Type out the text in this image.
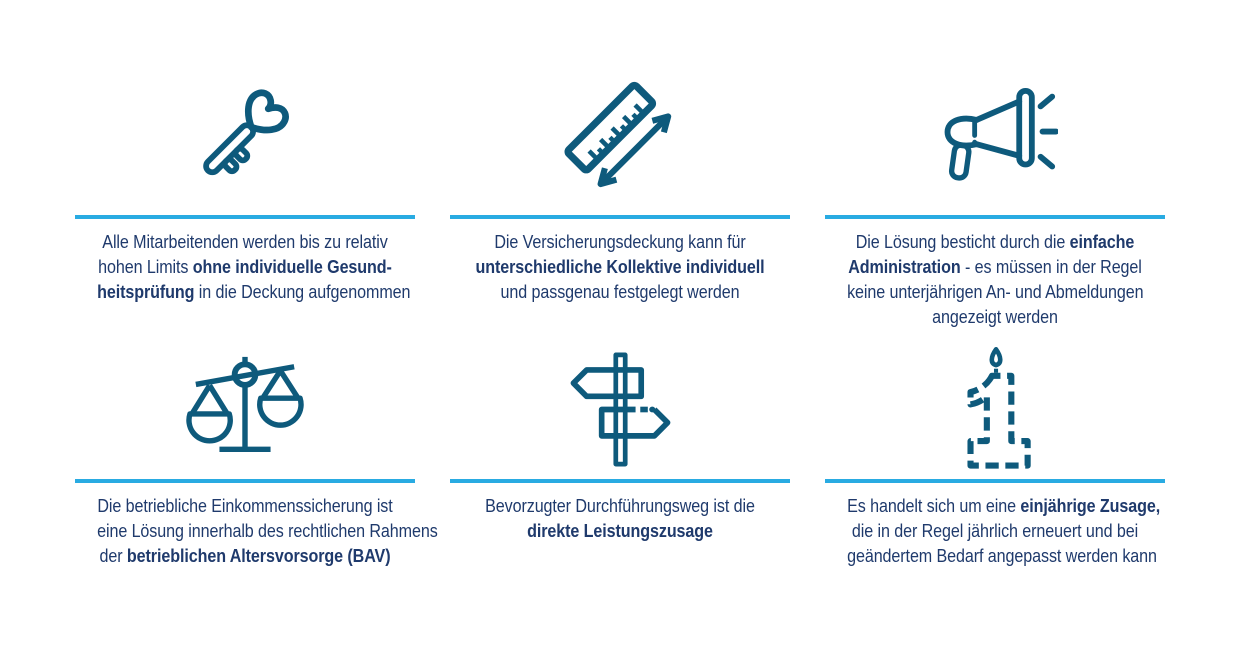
Alle Mitarbeitenden werden bis zu relativ
hohen Limits ohne individuelle Gesund-
heitsprüfung in die Deckung aufgenommen
Die Versicherungsdeckung kann für
unterschiedliche Kollektive individuell
und passgenau festgelegt werden
Die Lösung besticht durch die einfache
Administration - es müssen in der Regel
keine unterjährigen An- und Abmeldungen
angezeigt werden
Die betriebliche Einkommenssicherung ist
eine Lösung innerhalb des rechtlichen Rahmens
der betrieblichen Altersvorsorge (BAV)
Bevorzugter Durchführungsweg ist die
direkte Leistungszusage
Es handelt sich um eine einjährige Zusage,
die in der Regel jährlich erneuert und bei
geändertem Bedarf angepasst werden kann
